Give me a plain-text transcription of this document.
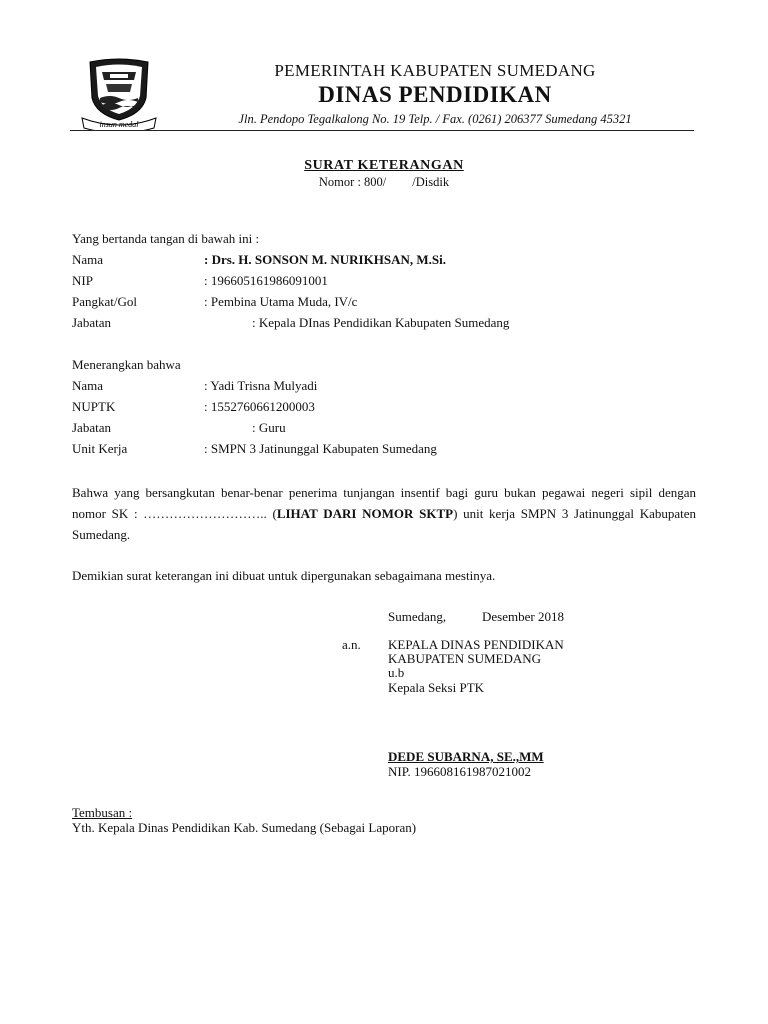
insun medal
PEMERINTAH KABUPATEN SUMEDANG
DINAS PENDIDIKAN
Jln. Pendopo Tegalkalong No. 19 Telp. / Fax. (0261) 206377 Sumedang 45321
SURAT KETERANGAN
Nomor : 800/ /Disdik
Yang bertanda tangan di bawah ini :
Nama	: Drs. H. SONSON M. NURIKHSAN, M.Si.
NIP	: 196605161986091001
Pangkat/Gol	: Pembina Utama Muda, IV/c
Jabatan	: Kepala DInas Pendidikan Kabupaten Sumedang
Menerangkan bahwa
Nama	: Yadi Trisna Mulyadi
NUPTK	: 1552760661200003
Jabatan	: Guru
Unit Kerja	: SMPN 3 Jatinunggal Kabupaten Sumedang
Bahwa yang bersangkutan benar-benar penerima tunjangan insentif bagi guru bukan pegawai negeri sipil dengan nomor SK : ……………………….. (LIHAT DARI NOMOR SKTP) unit kerja SMPN 3 Jatinunggal Kabupaten Sumedang.
Demikian surat keterangan ini dibuat untuk dipergunakan sebagaimana mestinya.
Sumedang,	Desember 2018
a.n. KEPALA DINAS PENDIDIKAN
KABUPATEN SUMEDANG
u.b
Kepala Seksi PTK
DEDE SUBARNA, SE.,MM
NIP. 196608161987021002
Tembusan :
Yth. Kepala Dinas Pendidikan Kab. Sumedang (Sebagai Laporan)
